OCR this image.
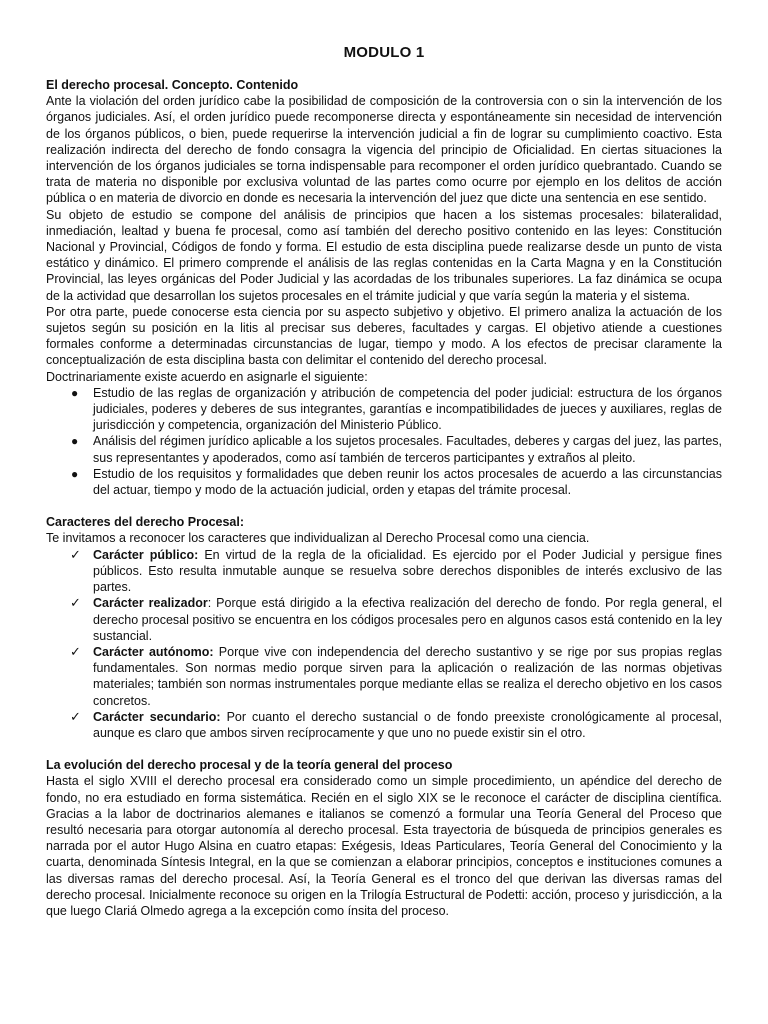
MODULO 1

El derecho procesal. Concepto. Contenido

Ante la violación del orden jurídico cabe la posibilidad de composición de la controversia con o sin la intervención de los órganos judiciales. Así, el orden jurídico puede recomponerse directa y espontáneamente sin necesidad de intervención de los órganos públicos, o bien, puede requerirse la intervención judicial a fin de lograr su cumplimiento coactivo. Esta realización indirecta del derecho de fondo consagra la vigencia del principio de Oficialidad. En ciertas situaciones la intervención de los órganos judiciales se torna indispensable para recomponer el orden jurídico quebrantado. Cuando se trata de materia no disponible por exclusiva voluntad de las partes como ocurre por ejemplo en los delitos de acción pública o en materia de divorcio en donde es necesaria la intervención del juez que dicte una sentencia en ese sentido.

Su objeto de estudio se compone del análisis de principios que hacen a los sistemas procesales: bilateralidad, inmediación, lealtad y buena fe procesal, como así también del derecho positivo contenido en las leyes: Constitución Nacional y Provincial, Códigos de fondo y forma. El estudio de esta disciplina puede realizarse desde un punto de vista estático y dinámico. El primero comprende el análisis de las reglas contenidas en la Carta Magna y en la Constitución Provincial, las leyes orgánicas del Poder Judicial y las acordadas de los tribunales superiores. La faz dinámica se ocupa de la actividad que desarrollan los sujetos procesales en el trámite judicial y que varía según la materia y el sistema.

Por otra parte, puede conocerse esta ciencia por su aspecto subjetivo y objetivo. El primero analiza la actuación de los sujetos según su posición en la litis al precisar sus deberes, facultades y cargas. El objetivo atiende a cuestiones formales conforme a determinadas circunstancias de lugar, tiempo y modo. A los efectos de precisar claramente la conceptualización de esta disciplina basta con delimitar el contenido del derecho procesal.

Doctrinariamente existe acuerdo en asignarle el siguiente:

● Estudio de las reglas de organización y atribución de competencia del poder judicial: estructura de los órganos judiciales, poderes y deberes de sus integrantes, garantías e incompatibilidades de jueces y auxiliares, reglas de jurisdicción y competencia, organización del Ministerio Público.
● Análisis del régimen jurídico aplicable a los sujetos procesales. Facultades, deberes y cargas del juez, las partes, sus representantes y apoderados, como así también de terceros participantes y extraños al pleito.
● Estudio de los requisitos y formalidades que deben reunir los actos procesales de acuerdo a las circunstancias del actuar, tiempo y modo de la actuación judicial, orden y etapas del trámite procesal.

Caracteres del derecho Procesal:

Te invitamos a reconocer los caracteres que individualizan al Derecho Procesal como una ciencia.

✓ Carácter público: En virtud de la regla de la oficialidad. Es ejercido por el Poder Judicial y persigue fines públicos. Esto resulta inmutable aunque se resuelva sobre derechos disponibles de interés exclusivo de las partes.
✓ Carácter realizador: Porque está dirigido a la efectiva realización del derecho de fondo. Por regla general, el derecho procesal positivo se encuentra en los códigos procesales pero en algunos casos está contenido en la ley sustancial.
✓ Carácter autónomo: Porque vive con independencia del derecho sustantivo y se rige por sus propias reglas fundamentales. Son normas medio porque sirven para la aplicación o realización de las normas objetivas materiales; también son normas instrumentales porque mediante ellas se realiza el derecho objetivo en los casos concretos.
✓ Carácter secundario: Por cuanto el derecho sustancial o de fondo preexiste cronológicamente al procesal, aunque es claro que ambos sirven recíprocamente y que uno no puede existir sin el otro.

La evolución del derecho procesal y de la teoría general del proceso

Hasta el siglo XVIII el derecho procesal era considerado como un simple procedimiento, un apéndice del derecho de fondo, no era estudiado en forma sistemática. Recién en el siglo XIX se le reconoce el carácter de disciplina científica. Gracias a la labor de doctrinarios alemanes e italianos se comenzó a formular una Teoría General del Proceso que resultó necesaria para otorgar autonomía al derecho procesal. Esta trayectoria de búsqueda de principios generales es narrada por el autor Hugo Alsina en cuatro etapas: Exégesis, Ideas Particulares, Teoría General del Conocimiento y la cuarta, denominada Síntesis Integral, en la que se comienzan a elaborar principios, conceptos e instituciones comunes a las diversas ramas del derecho procesal. Así, la Teoría General es el tronco del que derivan las diversas ramas del derecho procesal. Inicialmente reconoce su origen en la Trilogía Estructural de Podetti: acción, proceso y jurisdicción, a la que luego Clariá Olmedo agrega a la excepción como ínsita del proceso.
